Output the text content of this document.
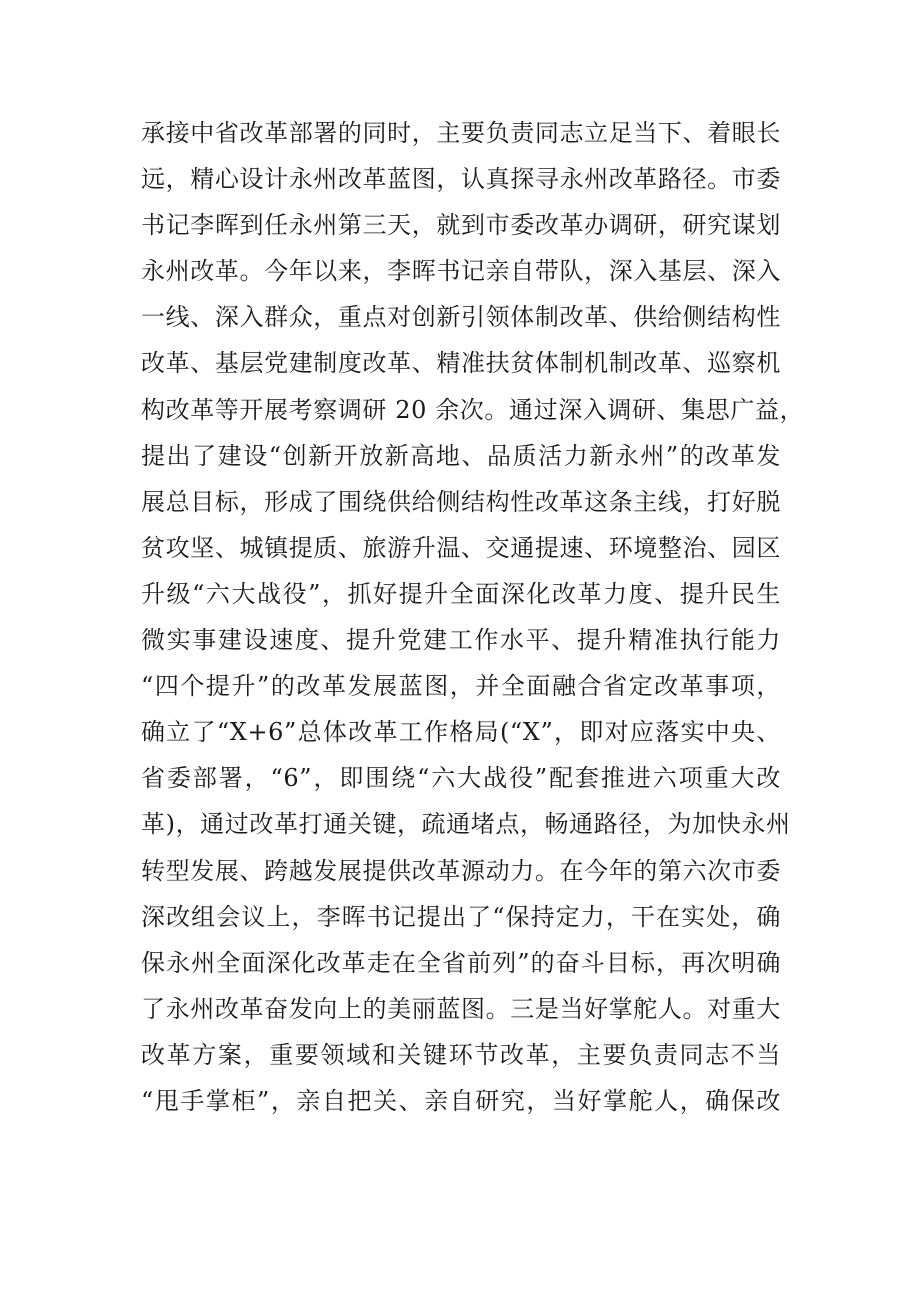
承接中省改革部署的同时，主要负责同志立足当下、着眼长
远，精心设计永州改革蓝图，认真探寻永州改革路径。市委
书记李晖到任永州第三天，就到市委改革办调研，研究谋划
永州改革。今年以来，李晖书记亲自带队，深入基层、深入
一线、深入群众，重点对创新引领体制改革、供给侧结构性
改革、基层党建制度改革、精准扶贫体制机制改革、巡察机
构改革等开展考察调研 20 余次。通过深入调研、集思广益，
提出了建设“创新开放新高地、品质活力新永州”的改革发
展总目标，形成了围绕供给侧结构性改革这条主线，打好脱
贫攻坚、城镇提质、旅游升温、交通提速、环境整治、园区
升级“六大战役”，抓好提升全面深化改革力度、提升民生
微实事建设速度、提升党建工作水平、提升精准执行能力
“四个提升”的改革发展蓝图，并全面融合省定改革事项，
确立了“X+6”总体改革工作格局(“X”，即对应落实中央、
省委部署，“6”，即围绕“六大战役”配套推进六项重大改
革)，通过改革打通关键，疏通堵点，畅通路径，为加快永州
转型发展、跨越发展提供改革源动力。在今年的第六次市委
深改组会议上，李晖书记提出了“保持定力，干在实处，确
保永州全面深化改革走在全省前列”的奋斗目标，再次明确
了永州改革奋发向上的美丽蓝图。三是当好掌舵人。对重大
改革方案，重要领域和关键环节改革，主要负责同志不当
“甩手掌柜”，亲自把关、亲自研究，当好掌舵人，确保改
